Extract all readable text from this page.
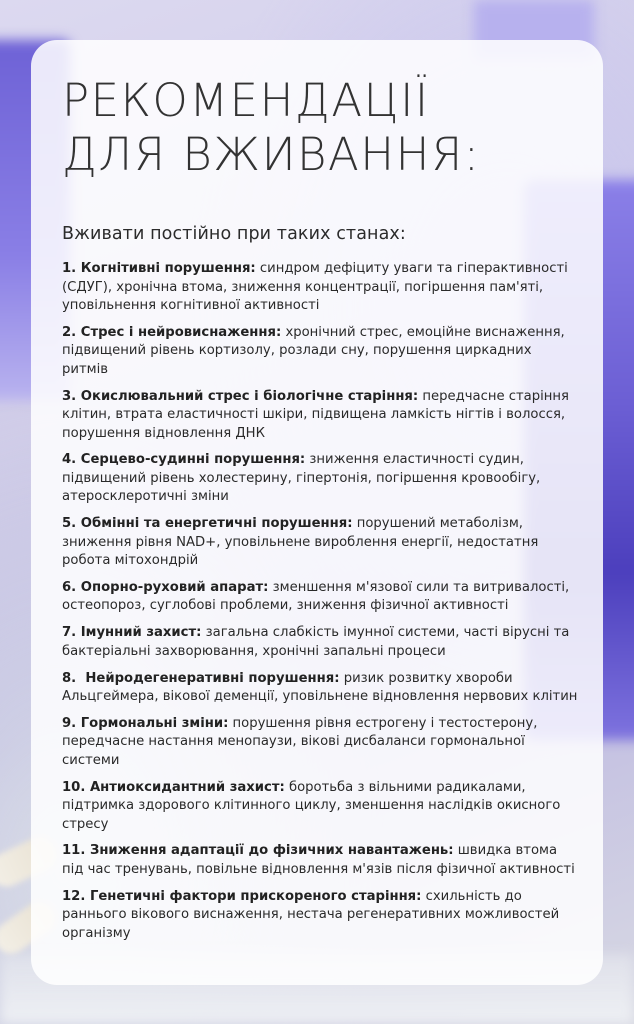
РЕКОМЕНДАЦІЇ
ДЛЯ ВЖИВАННЯ:
Вживати постійно при таких станах:
1. Когнітивні порушення: синдром дефіциту уваги та гіперактивності (СДУГ), хронічна втома, зниження концентрації, погіршення пам'яті, уповільнення когнітивної активності
2. Стрес і нейровиснаження: хронічний стрес, емоційне виснаження, підвищений рівень кортизолу, розлади сну, порушення циркадних ритмів
3. Окислювальний стрес і біологічне старіння: передчасне старіння клітин, втрата еластичності шкіри, підвищена ламкість нігтів і волосся, порушення відновлення ДНК
4. Серцево-судинні порушення: зниження еластичності судин, підвищений рівень холестерину, гіпертонія, погіршення кровообігу, атеросклеротичні зміни
5. Обмінні та енергетичні порушення: порушений метаболізм, зниження рівня NAD+, уповільнене вироблення енергії, недостатня робота мітохондрій
6. Опорно-руховий апарат: зменшення м'язової сили та витривалості, остеопороз, суглобові проблеми, зниження фізичної активності
7. Імунний захист: загальна слабкість імунної системи, часті вірусні та бактеріальні захворювання, хронічні запальні процеси
8.  Нейродегенеративні порушення: ризик розвитку хвороби Альцгеймера, вікової деменції, уповільнене відновлення нервових клітин
9. Гормональні зміни: порушення рівня естрогену і тестостерону, передчасне настання менопаузи, вікові дисбаланси гормональної системи
10. Антиоксидантний захист: боротьба з вільними радикалами, підтримка здорового клітинного циклу, зменшення наслідків окисного стресу
11. Зниження адаптації до фізичних навантажень: швидка втома під час тренувань, повільне відновлення м'язів після фізичної активності
12. Генетичні фактори прискореного старіння: схильність до раннього вікового виснаження, нестача регенеративних можливостей організму
